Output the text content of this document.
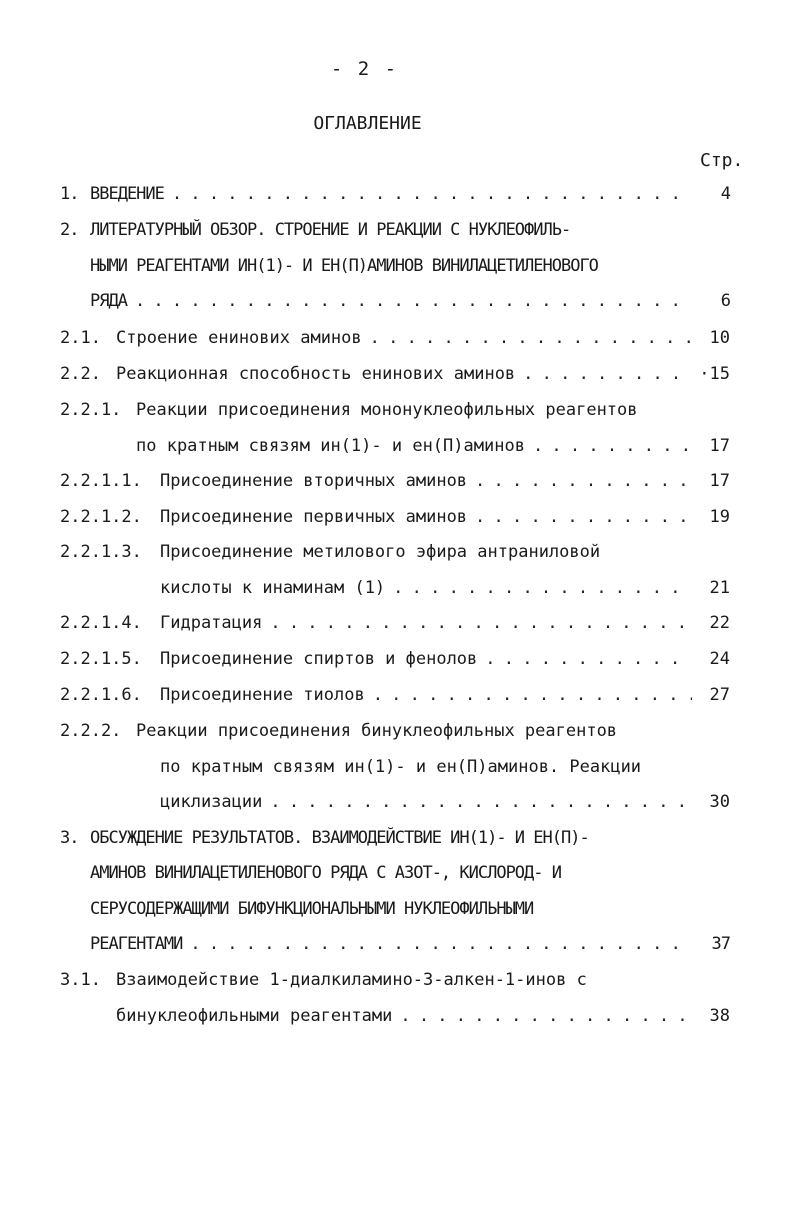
- 2 -
ОГЛАВЛЕНИЕ
Стр.
1. ВВЕДЕНИЕ . . .	4
2. ЛИТЕРАТУРНЫЙ ОБЗОР. СТРОЕНИЕ И РЕАКЦИИ С НУКЛЕОФИЛЬ-
НЫМИ РЕАГЕНТАМИ ИН(1)- И ЕН(П)АМИНОВ ВИНИЛАЦЕТИЛЕНОВОГО
РЯДА . . .	6
2.1. Строение енинових аминов . . .	10
2.2. Реакционная способность енинових аминов . . .	·15
2.2.1. Реакции присоединения мононуклеофильных реагентов
по кратным связям ин(1)- и ен(П)аминов . . .	17
2.2.1.1.	Присоединение вторичных аминов . . .	17
2.2.1.2.	Присоединение первичных аминов . . .	19
2.2.1.3.	Присоединение метилового эфира антраниловой
кислоты к инаминам (1) . . .	21
2.2.1.4.	Гидратация . . .	22
2.2.1.5.	Присоединение спиртов и фенолов . . .	24
2.2.1.6.	Присоединение тиолов . . .	27
2.2.2. Реакции присоединения бинуклеофильных реагентов
по кратным связям ин(1)- и ен(П)аминов. Реакции
циклизации . . .	30
3. ОБСУЖДЕНИЕ РЕЗУЛЬТАТОВ. ВЗАИМОДЕЙСТВИЕ ИН(1)- И ЕН(П)-
АМИНОВ ВИНИЛАЦЕТИЛЕНОВОГО РЯДА С АЗОТ-, КИСЛОРОД- И
СЕРУСОДЕРЖАЩИМИ БИФУНКЦИОНАЛЬНЫМИ НУКЛЕОФИЛЬНЫМИ
РЕАГЕНТАМИ . . .	37
3.1. Взаимодействие 1-диалкиламино-3-алкен-1-инов с
бинуклеофильными реагентами . . .	38
